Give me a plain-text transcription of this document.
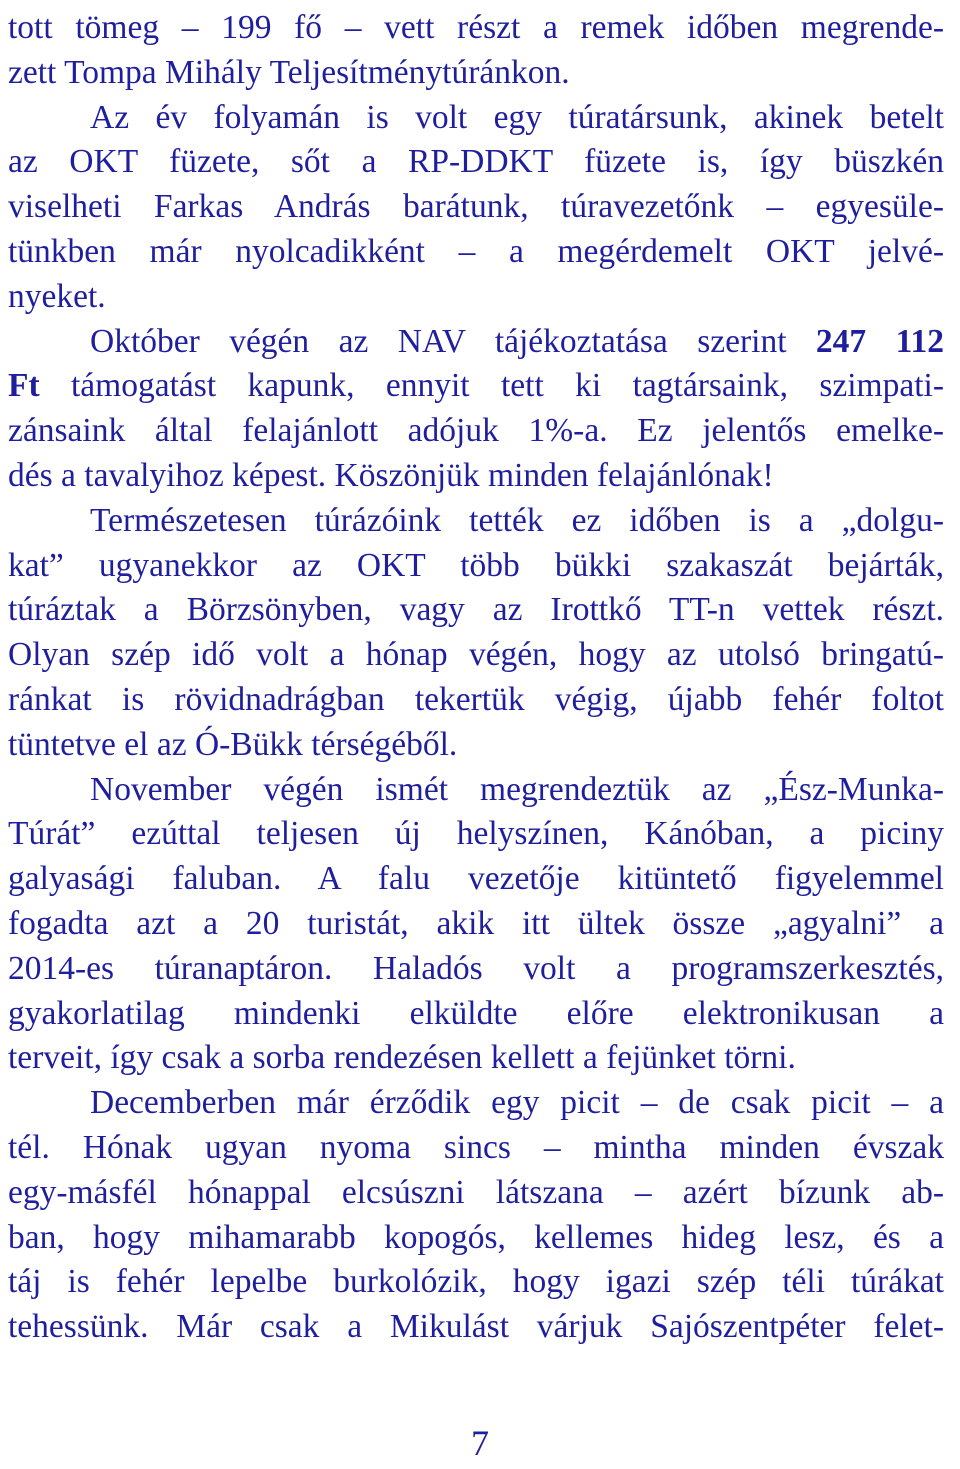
tott tömeg – 199 fő – vett részt a remek időben megrende-
zett Tompa Mihály Teljesítménytúránkon.
Az év folyamán is volt egy túratársunk, akinek betelt
az OKT füzete, sőt a RP-DDKT füzete is, így büszkén
viselheti Farkas András barátunk, túravezetőnk – egyesüle-
tünkben már nyolcadikként – a megérdemelt OKT jelvé-
nyeket.
Október végén az NAV tájékoztatása szerint 247 112
Ft támogatást kapunk, ennyit tett ki tagtársaink, szimpati-
zánsaink által felajánlott adójuk 1%-a. Ez jelentős emelke-
dés a tavalyihoz képest. Köszönjük minden felajánlónak!
Természetesen túrázóink tették ez időben is a „dolgu-
kat” ugyanekkor az OKT több bükki szakaszát bejárták,
túráztak a Börzsönyben, vagy az Irottkő TT-n vettek részt.
Olyan szép idő volt a hónap végén, hogy az utolsó bringatú-
ránkat is rövidnadrágban tekertük végig, újabb fehér foltot
tüntetve el az Ó-Bükk térségéből.
November végén ismét megrendeztük az „Ész-Munka-
Túrát” ezúttal teljesen új helyszínen, Kánóban, a piciny
galyasági faluban. A falu vezetője kitüntető figyelemmel
fogadta azt a 20 turistát, akik itt ültek össze „agyalni” a
2014-es túranaptáron. Haladós volt a programszerkesztés,
gyakorlatilag mindenki elküldte előre elektronikusan a
terveit, így csak a sorba rendezésen kellett a fejünket törni.
Decemberben már érződik egy picit – de csak picit – a
tél. Hónak ugyan nyoma sincs – mintha minden évszak
egy-másfél hónappal elcsúszni látszana – azért bízunk ab-
ban, hogy mihamarabb kopogós, kellemes hideg lesz, és a
táj is fehér lepelbe burkolózik, hogy igazi szép téli túrákat
tehessünk. Már csak a Mikulást várjuk Sajószentpéter felet-
7
